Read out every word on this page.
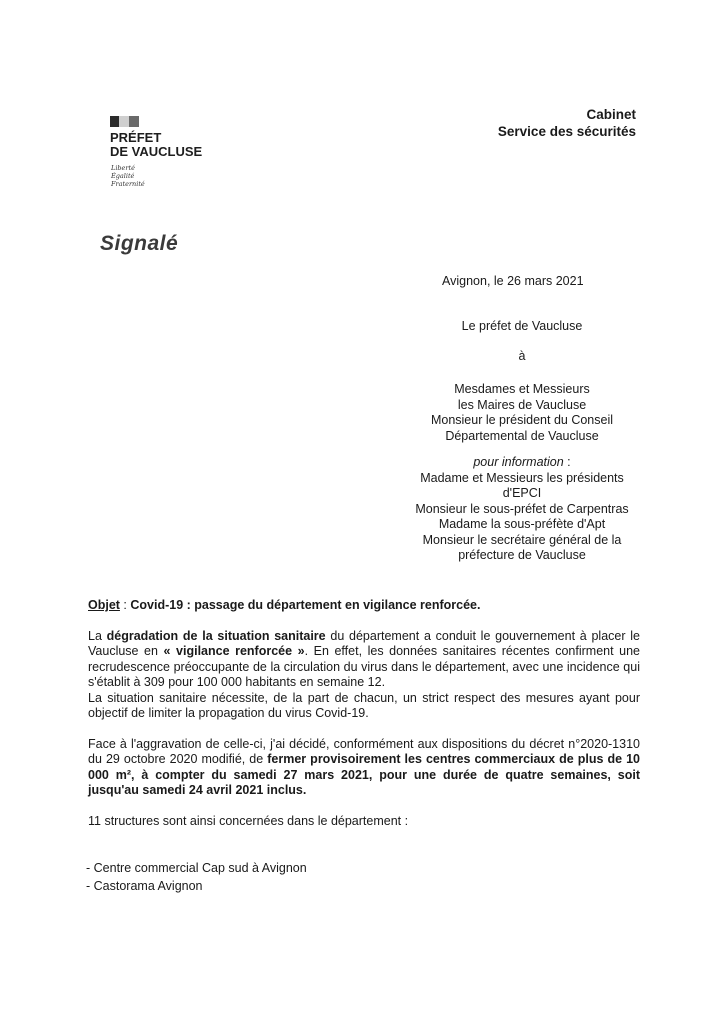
PRÉFET
DE VAUCLUSE
Liberté
Égalité
Fraternité
Cabinet
Service des sécurités
Signalé
Avignon, le 26 mars 2021
Le préfet de Vaucluse
à
Mesdames et Messieurs
les Maires de Vaucluse
Monsieur le président du Conseil
Départemental de Vaucluse
pour information :
Madame et Messieurs les présidents
d'EPCI
Monsieur le sous-préfet de Carpentras
Madame la sous-préfète d'Apt
Monsieur le secrétaire général de la
préfecture de Vaucluse

Objet : Covid-19 : passage du département en vigilance renforcée.

La dégradation de la situation sanitaire du département a conduit le gouvernement à placer le Vaucluse en « vigilance renforcée ». En effet, les données sanitaires récentes confirment une recrudescence préoccupante de la circulation du virus dans le département, avec une incidence qui s'établit à 309 pour 100 000 habitants en semaine 12.

La situation sanitaire nécessite, de la part de chacun, un strict respect des mesures ayant pour objectif de limiter la propagation du virus Covid-19.

Face à l'aggravation de celle-ci, j'ai décidé, conformément aux dispositions du décret n°2020-1310 du 29 octobre 2020 modifié, de fermer provisoirement les centres commerciaux de plus de 10 000 m², à compter du samedi 27 mars 2021, pour une durée de quatre semaines, soit jusqu'au samedi 24 avril 2021 inclus.

11 structures sont ainsi concernées dans le département :

- Centre commercial Cap sud à Avignon
- Castorama Avignon
